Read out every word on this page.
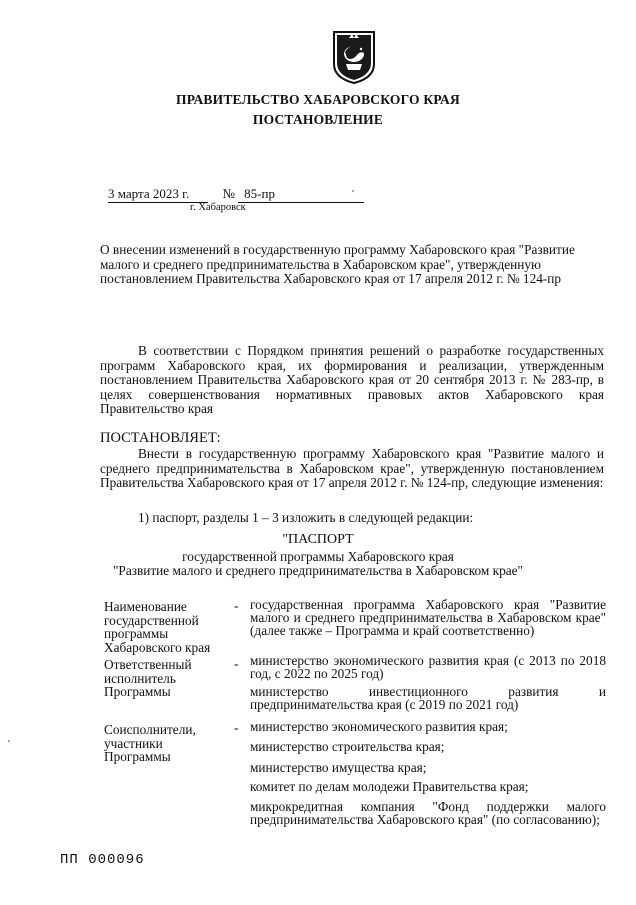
ПРАВИТЕЛЬСТВО ХАБАРОВСКОГО КРАЯ
ПОСТАНОВЛЕНИЕ
3 марта 2023 г.	№ 85-пр
г. Хабаровск
О внесении изменений в государственную программу Хабаровского края "Развитие малого и среднего предпринимательства в Хабаровском крае", утвержденную постановлением Правительства Хабаровского края от 17 апреля 2012 г. № 124-пр
В соответствии с Порядком принятия решений о разработке государственных программ Хабаровского края, их формирования и реализации, утвержденным постановлением Правительства Хабаровского края от 20 сентября 2013 г. № 283-пр, в целях совершенствования нормативных правовых актов Хабаровского края Правительство края
ПОСТАНОВЛЯЕТ:
Внести в государственную программу Хабаровского края "Развитие малого и среднего предпринимательства в Хабаровском крае", утвержденную постановлением Правительства Хабаровского края от 17 апреля 2012 г. № 124-пр, следующие изменения:
1) паспорт, разделы 1 – 3 изложить в следующей редакции:
"ПАСПОРТ
государственной программы Хабаровского края
"Развитие малого и среднего предпринимательства в Хабаровском крае"
Наименование государственной программы Хабаровского края
- государственная программа Хабаровского края "Развитие малого и среднего предпринимательства в Хабаровском крае" (далее также – Программа и край соответственно)
Ответственный исполнитель Программы
- министерство экономического развития края (с 2013 по 2018 год, с 2022 по 2025 год)
министерство инвестиционного развития и предпринимательства края (с 2019 по 2021 год)
Соисполнители, участники Программы
- министерство экономического развития края;
министерство строительства края;
министерство имущества края;
комитет по делам молодежи Правительства края;
микрокредитная компания "Фонд поддержки малого предпринимательства Хабаровского края" (по согласованию);
ПП 000096
